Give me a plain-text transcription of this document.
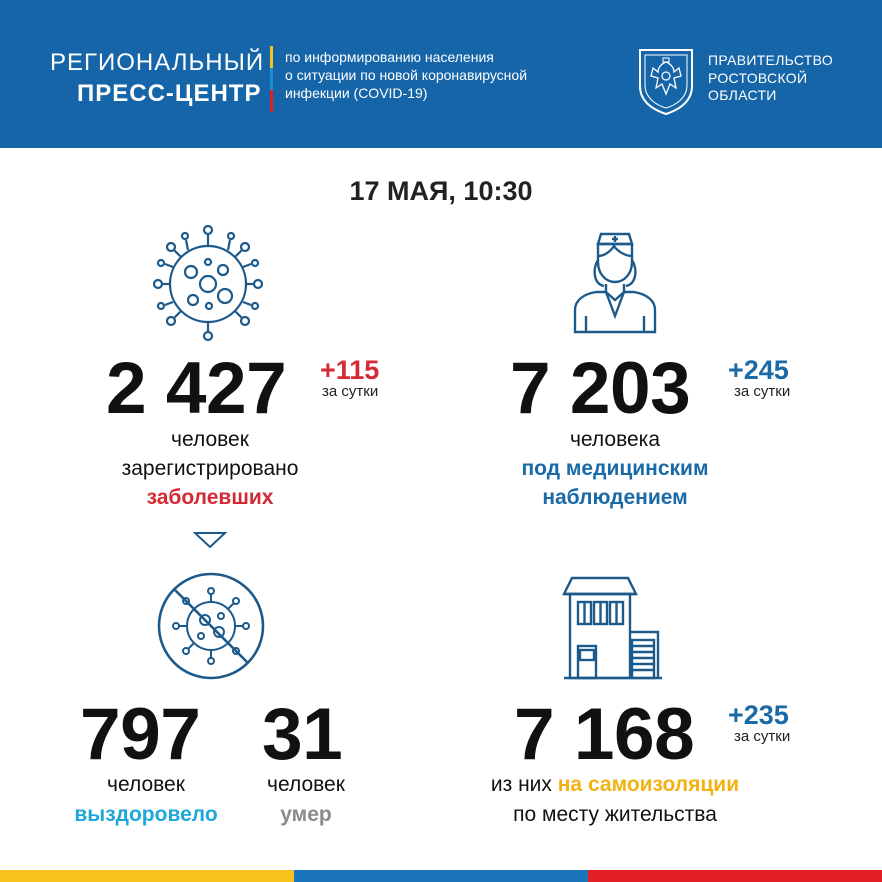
РЕГИОНАЛЬНЫЙ
ПРЕСС-ЦЕНТР
по информированию населения
о ситуации по новой коронавирусной
инфекции (COVID-19)
ПРАВИТЕЛЬСТВО
РОСТОВСКОЙ
ОБЛАСТИ
17 МАЯ, 10:30
2 427 +115
за сутки
человек
зарегистрировано
заболевших
7 203 +245
за сутки
человека
под медицинским
наблюдением
797
человек
выздоровело
31
человек
умер
7 168 +235
за сутки
из них на самоизоляции
по месту жительства
